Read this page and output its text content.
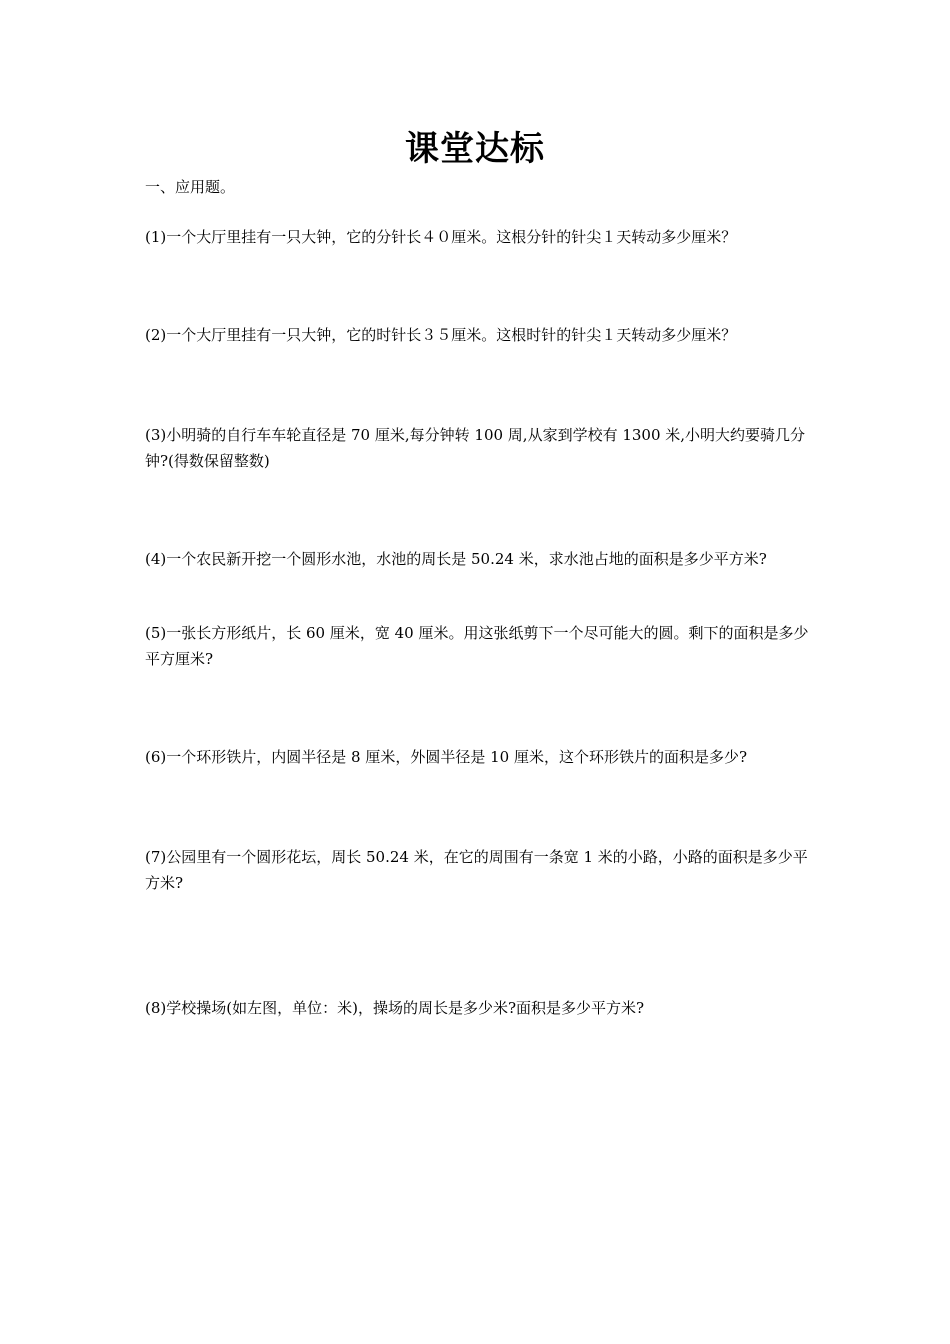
课堂达标
一、应用题。
(1)一个大厅里挂有一只大钟，它的分针长４０厘米。这根分针的针尖１天转动多少厘米？
(2)一个大厅里挂有一只大钟，它的时针长３５厘米。这根时针的针尖１天转动多少厘米？
(3)小明骑的自行车车轮直径是 70 厘米,每分钟转 100 周,从家到学校有 1300 米,小明大约要骑几分钟?(得数保留整数)
(4)一个农民新开挖一个圆形水池，水池的周长是 50.24 米，求水池占地的面积是多少平方米?
(5)一张长方形纸片，长 60 厘米，宽 40 厘米。用这张纸剪下一个尽可能大的圆。剩下的面积是多少平方厘米?
(6)一个环形铁片，内圆半径是 8 厘米，外圆半径是 10 厘米，这个环形铁片的面积是多少?
(7)公园里有一个圆形花坛，周长 50.24 米，在它的周围有一条宽 1 米的小路，小路的面积是多少平方米?
(8)学校操场(如左图，单位：米)，操场的周长是多少米?面积是多少平方米?
